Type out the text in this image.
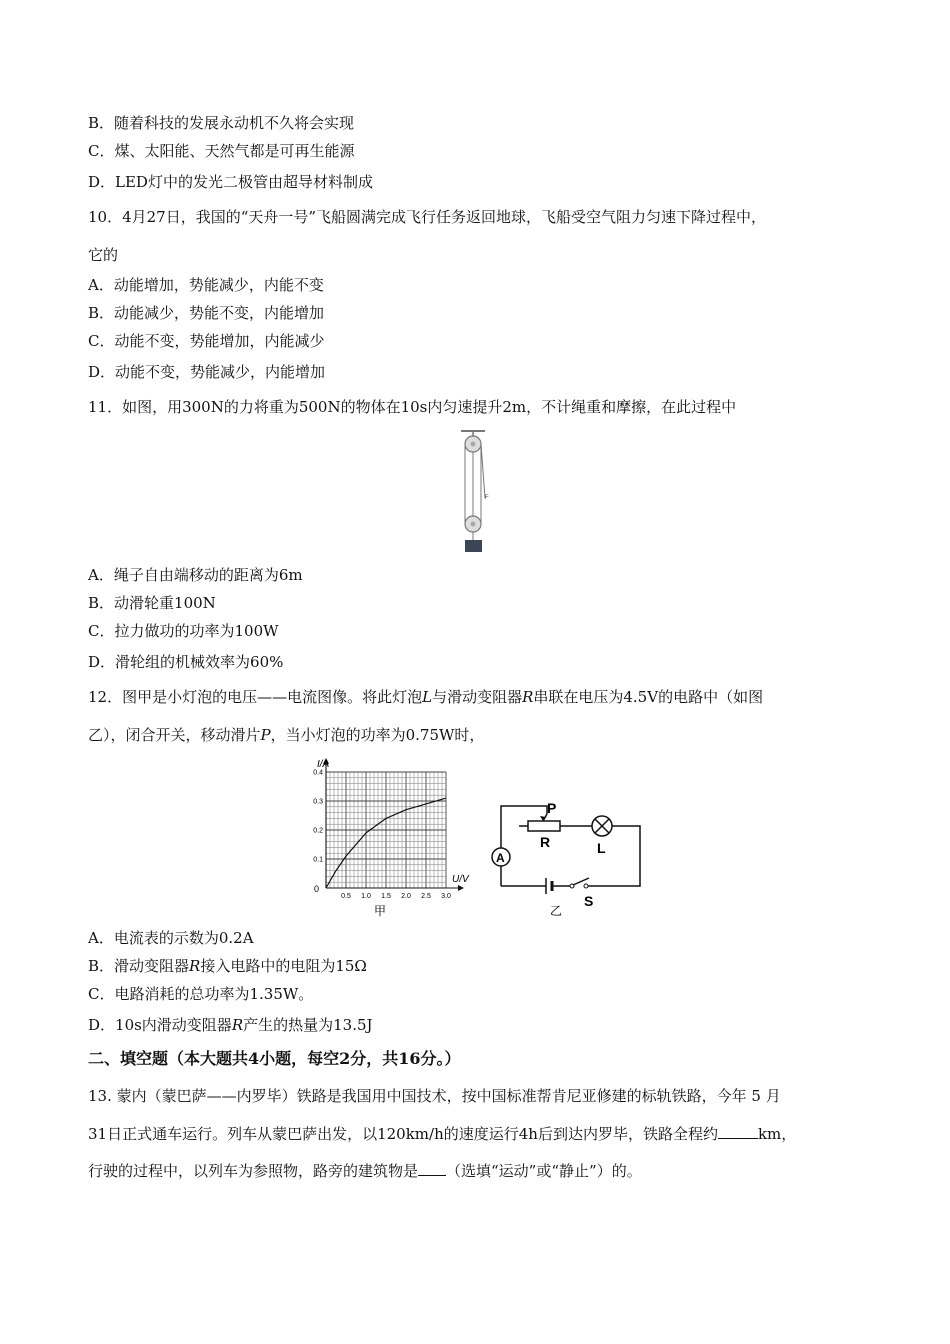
B．随着科技的发展永动机不久将会实现
C．煤、太阳能、天然气都是可再生能源
D．LED灯中的发光二极管由超导材料制成
10．4月27日，我国的“天舟一号”飞船圆满完成飞行任务返回地球，飞船受空气阻力匀速下降过程中，
它的
A．动能增加，势能减少，内能不变
B．动能减少，势能不变，内能增加
C．动能不变，势能增加，内能减少
D．动能不变，势能减少，内能增加
11．如图，用300N的力将重为500N的物体在10s内匀速提升2m，不计绳重和摩擦，在此过程中
F
A．绳子自由端移动的距离为6m
B．动滑轮重100N
C．拉力做功的功率为100W
D．滑轮组的机械效率为60%
12．图甲是小灯泡的电压——电流图像。将此灯泡L与滑动变阻器R串联在电压为4.5V的电路中（如图
乙），闭合开关，移动滑片P，当小灯泡的功率为0.75W时，
0.5 1.0 1.5 2.0 2.5 3.0
0.1
0.2
0.3
0.4
I/A
U/V
0
甲
P
R	L
A
S
乙
A．电流表的示数为0.2A
B．滑动变阻器R接入电路中的电阻为15Ω
C．电路消耗的总功率为1.35W。
D．10s内滑动变阻器R产生的热量为13.5J
二、填空题（本大题共4小题，每空2分，共16分。）
13. 蒙内（蒙巴萨——内罗毕）铁路是我国用中国技术，按中国标准帮肯尼亚修建的标轨铁路，今年 5 月
31日正式通车运行。列车从蒙巴萨出发，以120km/h的速度运行4h后到达内罗毕，铁路全程约	km，
行驶的过程中，以列车为参照物，路旁的建筑物是 （选填“运动”或“静止”）的。
